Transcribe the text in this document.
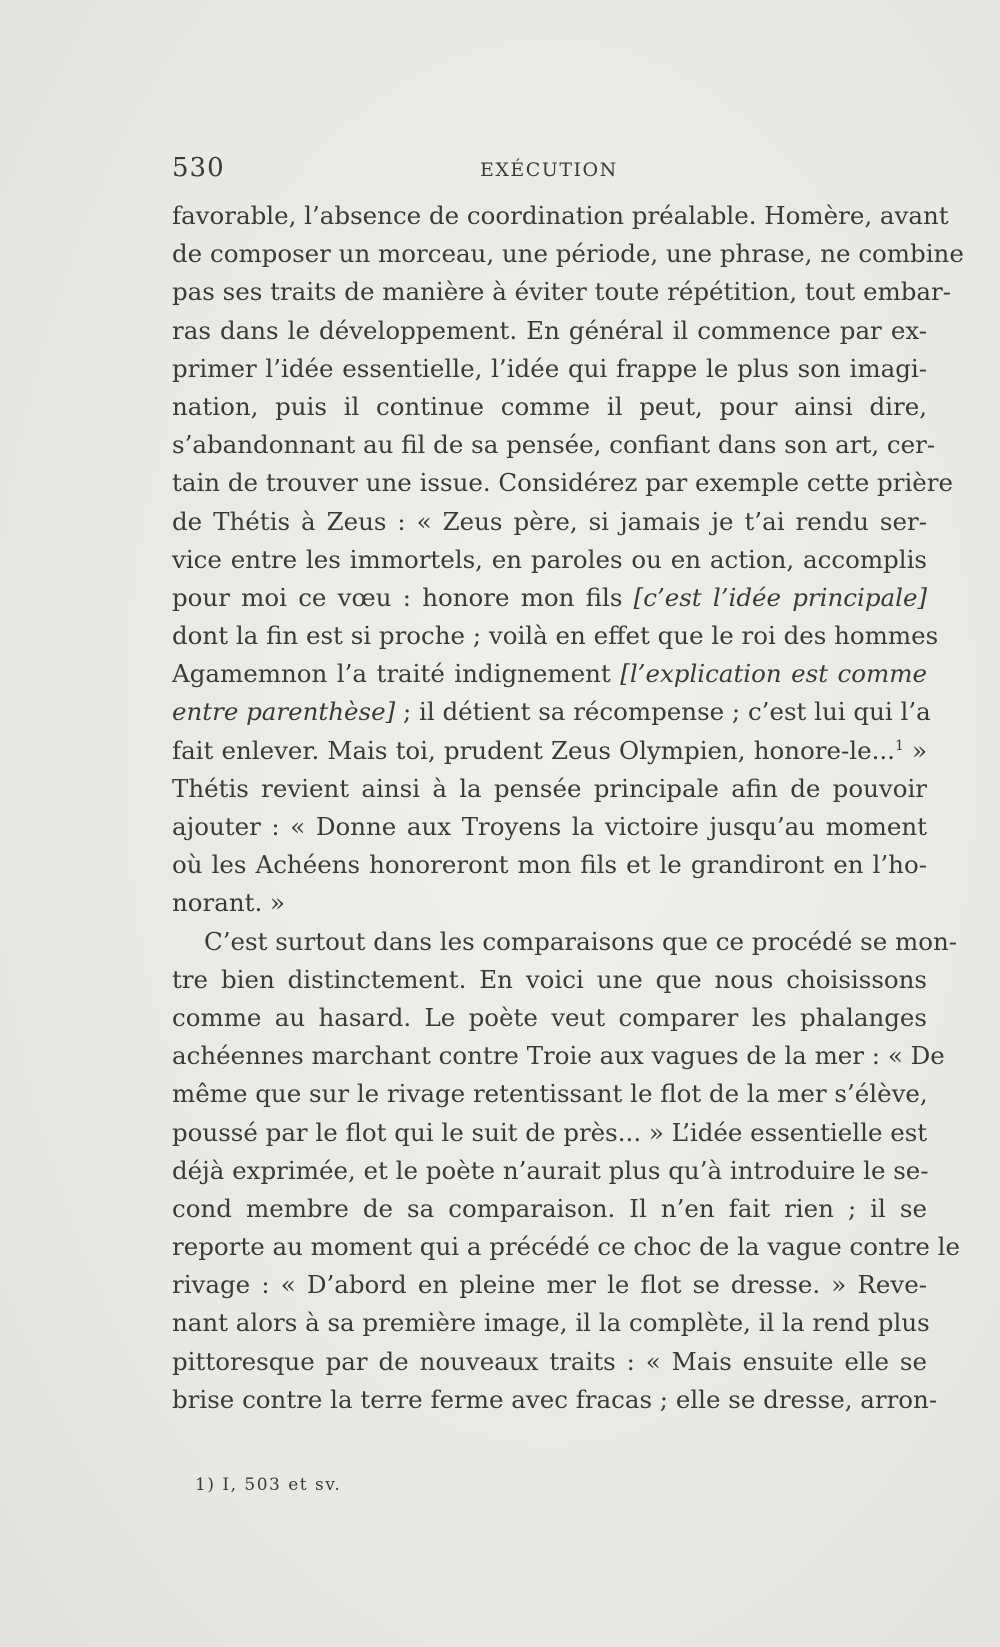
530	EXÉCUTION
favorable, l’absence de coordination préalable. Homère, avant
de composer un morceau, une période, une phrase, ne combine
pas ses traits de manière à éviter toute répétition, tout embar-
ras dans le développement. En général il commence par ex-
primer l’idée essentielle, l’idée qui frappe le plus son imagi-
nation, puis il continue comme il peut, pour ainsi dire,
s’abandonnant au fil de sa pensée, confiant dans son art, cer-
tain de trouver une issue. Considérez par exemple cette prière
de Thétis à Zeus : « Zeus père, si jamais je t’ai rendu ser-
vice entre les immortels, en paroles ou en action, accomplis
pour moi ce vœu : honore mon fils [c’est l’idée principale]
dont la fin est si proche ; voilà en effet que le roi des hommes
Agamemnon l’a traité indignement [l’explication est comme
entre parenthèse] ; il détient sa récompense ; c’est lui qui l’a
fait enlever. Mais toi, prudent Zeus Olympien, honore-le...$^1$ »
Thétis revient ainsi à la pensée principale afin de pouvoir
ajouter : « Donne aux Troyens la victoire jusqu’au moment
où les Achéens honoreront mon fils et le grandiront en l’ho-
norant. »
C’est surtout dans les comparaisons que ce procédé se mon-
tre bien distinctement. En voici une que nous choisissons
comme au hasard. Le poète veut comparer les phalanges
achéennes marchant contre Troie aux vagues de la mer : « De
même que sur le rivage retentissant le flot de la mer s’élève,
poussé par le flot qui le suit de près... » L’idée essentielle est
déjà exprimée, et le poète n’aurait plus qu’à introduire le se-
cond membre de sa comparaison. Il n’en fait rien ; il se
reporte au moment qui a précédé ce choc de la vague contre le
rivage : « D’abord en pleine mer le flot se dresse. » Reve-
nant alors à sa première image, il la complète, il la rend plus
pittoresque par de nouveaux traits : « Mais ensuite elle se
brise contre la terre ferme avec fracas ; elle se dresse, arron-
1) I, 503 et sv.
